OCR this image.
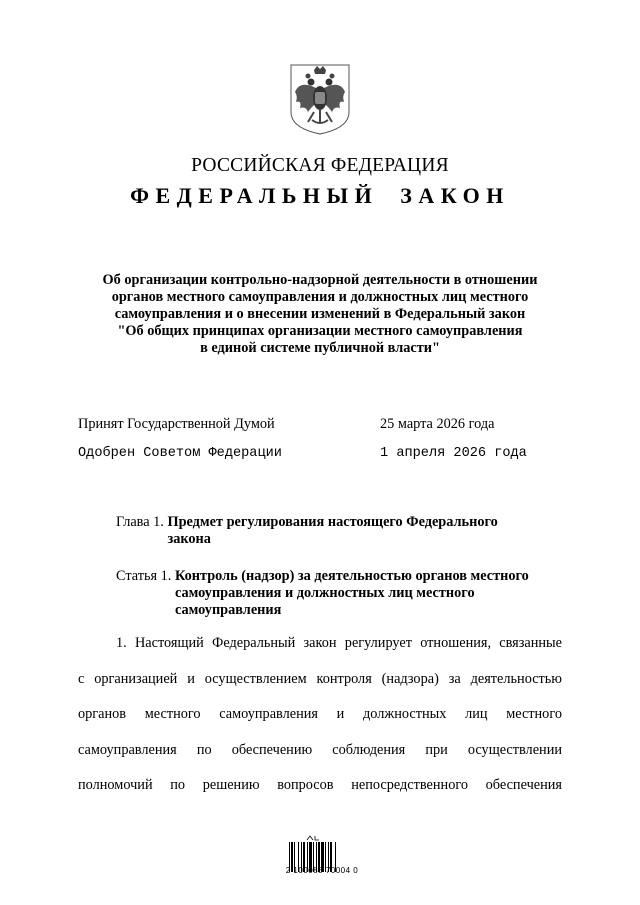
РОССИЙСКАЯ ФЕДЕРАЦИЯ
ФЕДЕРАЛЬНЫЙ ЗАКОН
Об организации контрольно-надзорной деятельности в отношении
органов местного самоуправления и должностных лиц местного
самоуправления и о внесении изменений в Федеральный закон
"Об общих принципах организации местного самоуправления
в единой системе публичной власти"
Принят Государственной Думой	25 марта 2026 года
Одобрен Советом Федерации	1 апреля 2026 года
Глава 1. Предмет регулирования настоящего Федерального
закона
Статья 1. Контроль (надзор) за деятельностью органов местного
самоуправления и должностных лиц местного
самоуправления
1. Настоящий Федеральный закон регулирует отношения, связанные
с организацией и осуществлением контроля (надзора) за деятельностью
органов местного самоуправления и должностных лиц местного
самоуправления по обеспечению соблюдения при осуществлении
полномочий по решению вопросов непосредственного обеспечения
2 100088 70004 0
